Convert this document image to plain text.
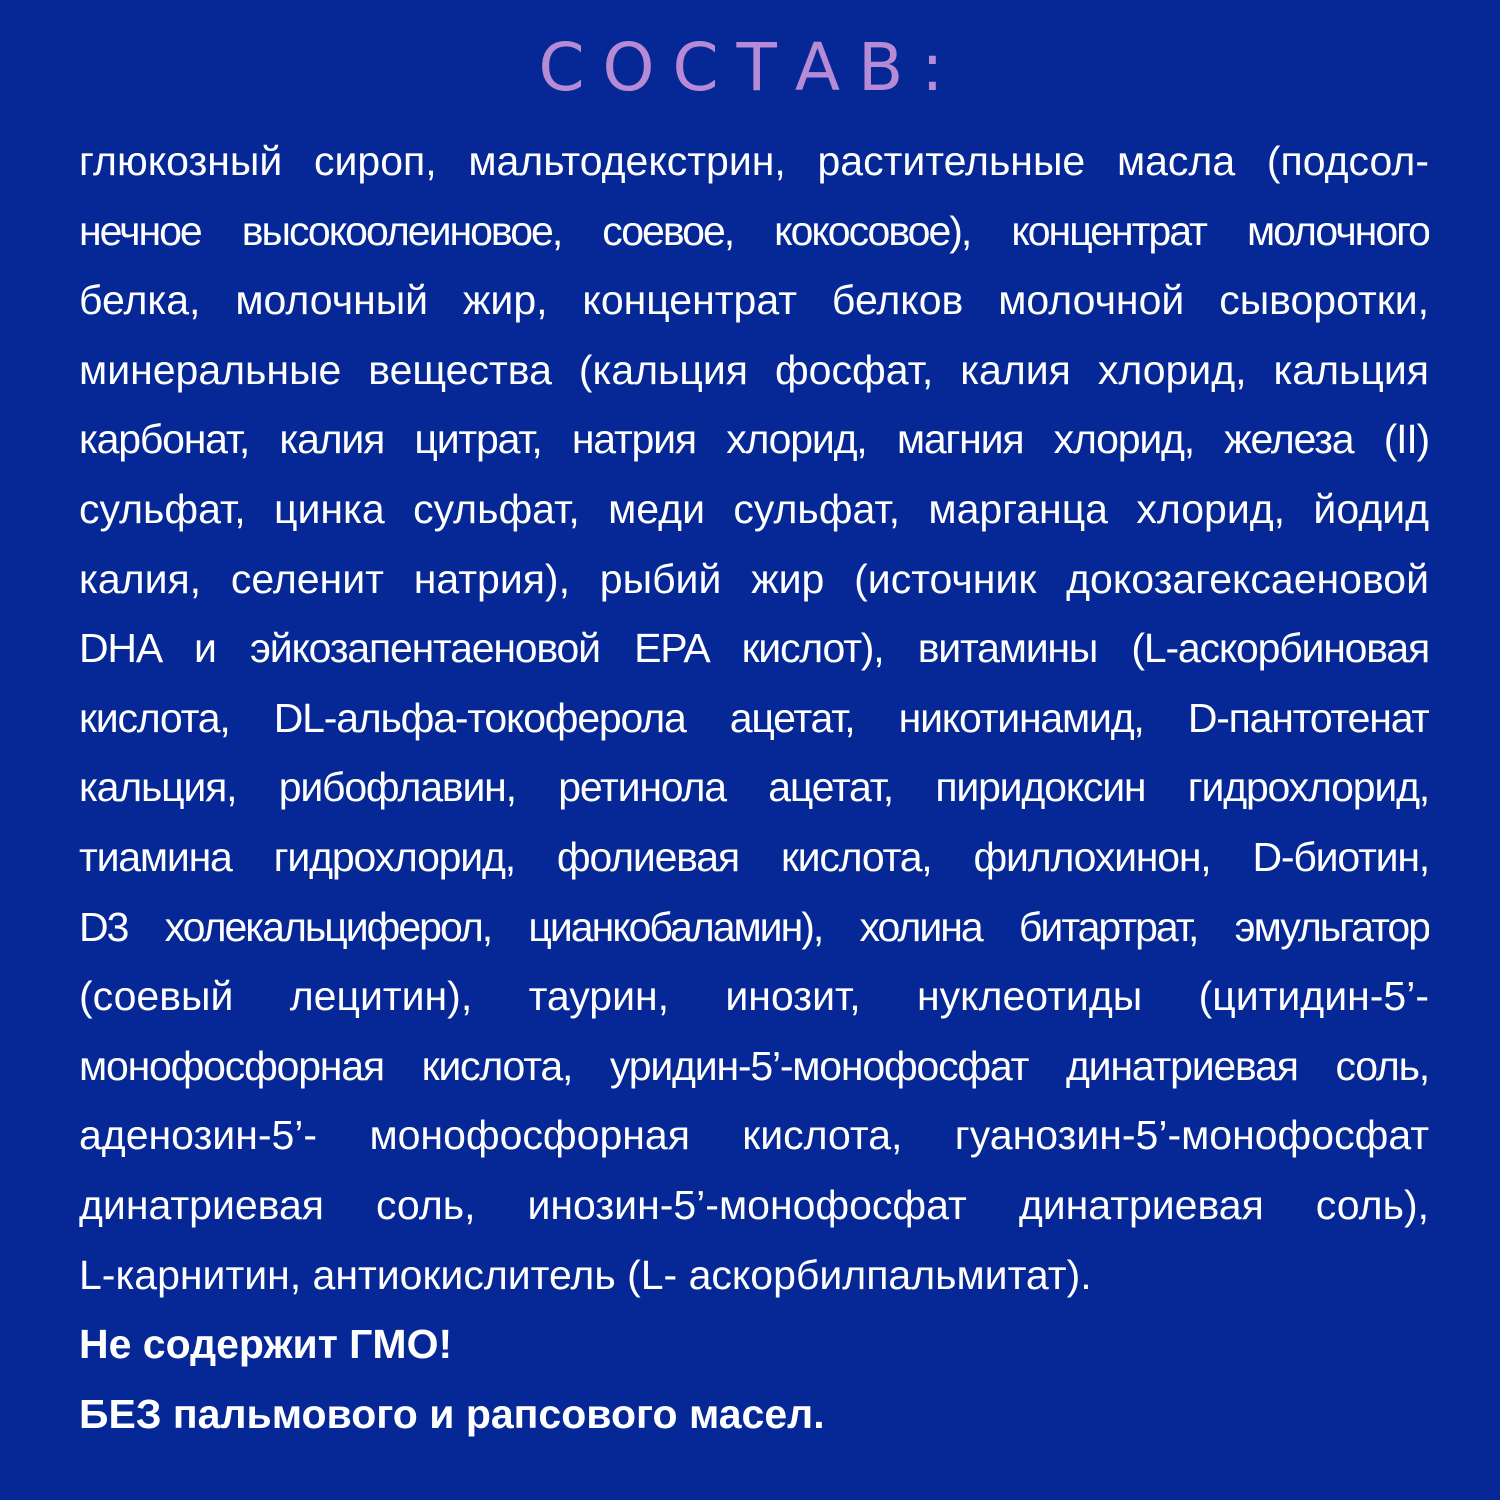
СОСТАВ:
глюкозный сироп, мальтодекстрин, растительные масла (подсол-
нечное высокоолеиновое, соевое, кокосовое), концентрат молочного
белка, молочный жир, концентрат белков молочной сыворотки,
минеральные вещества (кальция фосфат, калия хлорид, кальция
карбонат, калия цитрат, натрия хлорид, магния хлорид, железа (II)
сульфат, цинка сульфат, меди сульфат, марганца хлорид, йодид
калия, селенит натрия), рыбий жир (источник докозагексаеновой
DHA и эйкозапентаеновой EPA кислот), витамины (L-аскорбиновая
кислота, DL-альфа-токоферола ацетат, никотинамид, D-пантотенат
кальция, рибофлавин, ретинола ацетат, пиридоксин гидрохлорид,
тиамина гидрохлорид, фолиевая кислота, филлохинон, D-биотин,
D3 холекальциферол, цианкобаламин), холина битартрат, эмульгатор
(соевый лецитин), таурин, инозит, нуклеотиды (цитидин-5’-
монофосфорная кислота, уридин-5’-монофосфат динатриевая соль,
аденозин-5’- монофосфорная кислота, гуанозин-5’-монофосфат
динатриевая соль, инозин-5’-монофосфат динатриевая соль),
L-карнитин, антиокислитель (L- аскорбилпальмитат).
Не содержит ГМО!
БЕЗ пальмового и рапсового масел.
